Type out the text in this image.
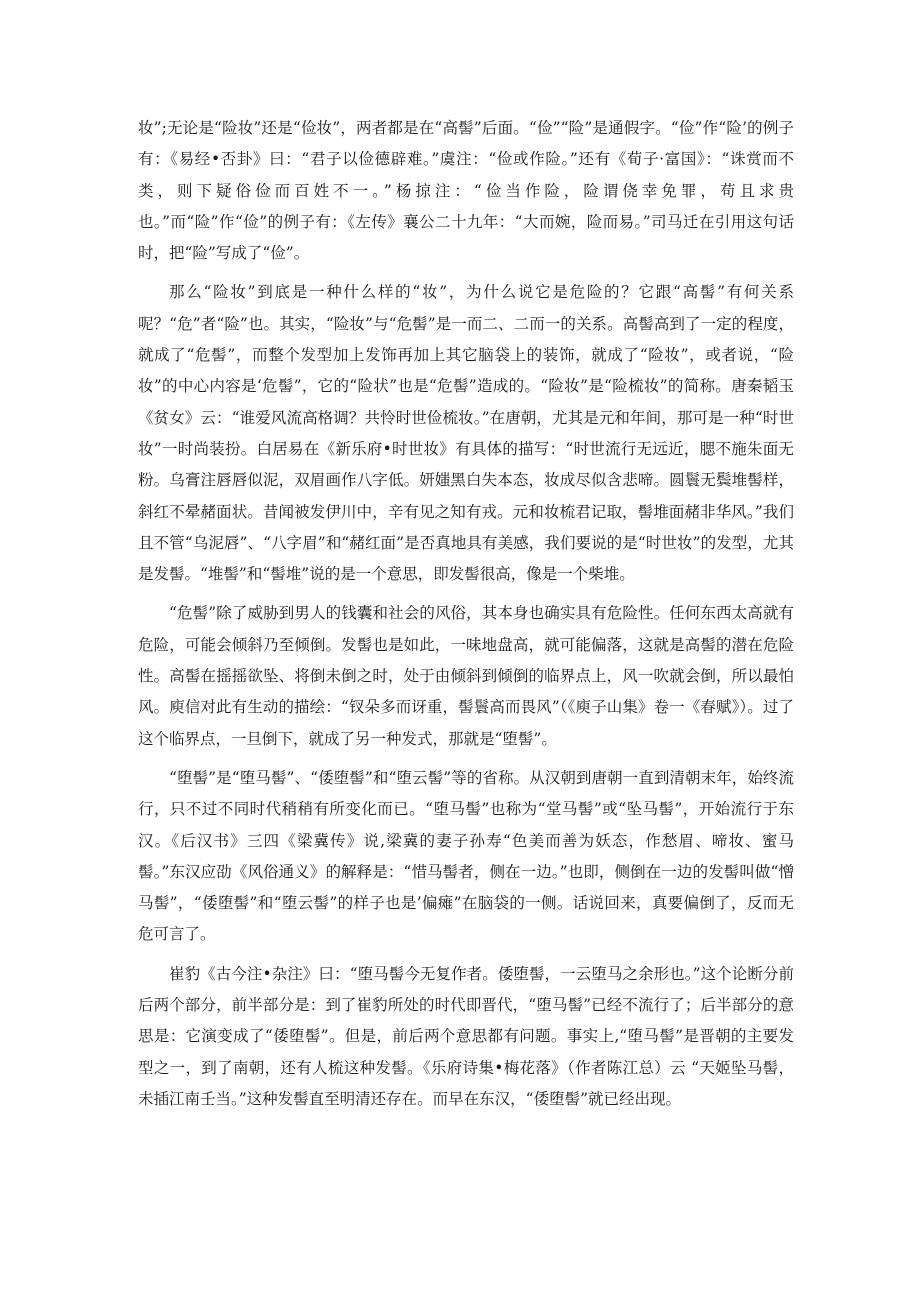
妆”;无论是“险妆”还是“俭妆”，两者都是在“高髻”后面。“俭”“险”是通假字。“俭”作“险’的例子有：《易经•否卦》曰：“君子以俭德辟难。”虞注：“俭或作险。”还有《荀子·富国》：“诛赏而不类，则下疑俗俭而百姓不一。”杨掠注：“俭当作险，险谓侥幸免罪，苟且求贵也。”而“险”作“俭”的例子有：《左传》襄公二十九年：“大而婉，险而易。”司马迁在引用这句话时，把“险”写成了“俭”。

那么“险妆”到底是一种什么样的“妆”，为什么说它是危险的？它跟“高髻”有何关系呢？“危”者“险”也。其实，“险妆”与“危髻”是一而二、二而一的关系。高髻高到了一定的程度，就成了“危髻”，而整个发型加上发饰再加上其它脑袋上的装饰，就成了“险妆”，或者说，“险妆”的中心内容是‘危髻”，它的“险状”也是“危髻”造成的。“险妆”是“险梳妆”的简称。唐秦韬玉《贫女》云：“谁爱风流高格调？共怜时世俭梳妆。”在唐朝，尤其是元和年间，那可是一种“时世妆”一时尚装扮。白居易在《新乐府•时世妆》有具体的描写：“时世流行无远近，腮不施朱面无粉。乌膏注唇唇似泥，双眉画作八字低。妍媸黑白失本态，妆成尽似含悲啼。圆鬟无鬓堆髻样，斜红不晕赭面状。昔闻被发伊川中，辛有见之知有戎。元和妆梳君记取，髻堆面赭非华风。”我们且不管“乌泥唇”、“八字眉”和“赭红面”是否真地具有美感，我们要说的是“时世妆”的发型，尤其是发髻。“堆髻”和“髻堆”说的是一个意思，即发髻很高，像是一个柴堆。

“危髻”除了威胁到男人的钱囊和社会的风俗，其本身也确实具有危险性。任何东西太高就有危险，可能会倾斜乃至倾倒。发髻也是如此，一味地盘高，就可能偏落，这就是高髻的潜在危险性。高髻在摇摇欲坠、将倒未倒之时，处于由倾斜到倾倒的临界点上，风一吹就会倒，所以最怕风。庾信对此有生动的描绘：“钗朵多而讶重，髻鬟高而畏风”（《庾子山集》卷一《春赋》）。过了这个临界点，一旦倒下，就成了另一种发式，那就是“堕髻”。

“堕髻”是“堕马髻”、“倭堕髻”和“堕云髻”等的省称。从汉朝到唐朝一直到清朝末年，始终流行，只不过不同时代稍稍有所变化而已。“堕马髻”也称为“堂马髻”或“坠马髻”，开始流行于东汉。《后汉书》三四《梁冀传》说,梁冀的妻子孙寿“色美而善为妖态，作愁眉、啼妆、蜜马髻。”东汉应劭《风俗通义》的解释是：“惜马髻者，侧在一边。”也即，侧倒在一边的发髻叫做“憎马髻”，“倭堕髻”和“堕云髻”的样子也是’偏瘫”在脑袋的一侧。话说回来，真要偏倒了，反而无危可言了。

崔豹《古今注•杂注》曰：“堕马髻今无复作者。倭堕髻，一云堕马之余形也。”这个论断分前后两个部分，前半部分是：到了崔豹所处的时代即晋代，“堕马髻”已经不流行了；后半部分的意思是：它演变成了“倭堕髻”。但是，前后两个意思都有问题。事实上,“堕马髻”是晋朝的主要发型之一，到了南朝，还有人梳这种发髻。《乐府诗集•梅花落》（作者陈江总）云 “天姬坠马髻，未插江南壬当。”这种发髻直至明清还存在。而早在东汉，“倭堕髻”就已经出现。
